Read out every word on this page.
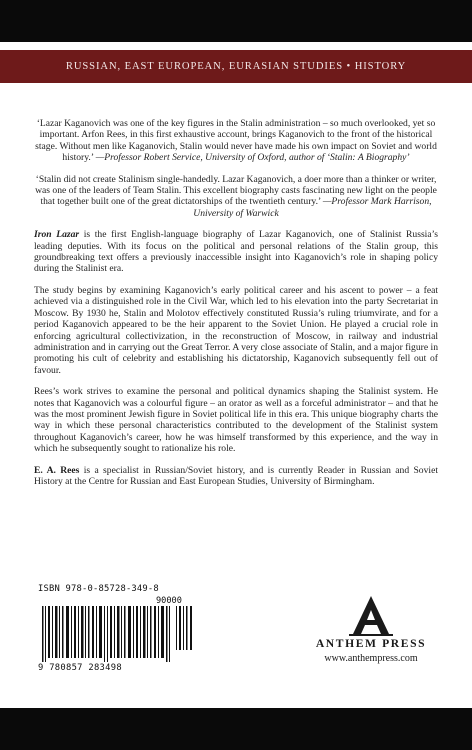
RUSSIAN, EAST EUROPEAN, EURASIAN STUDIES • HISTORY
‘Lazar Kaganovich was one of the key figures in the Stalin administration – so much overlooked, yet so important. Arfon Rees, in this first exhaustive account, brings Kaganovich to the front of the historical stage. Without men like Kaganovich, Stalin would never have made his own impact on Soviet and world history.’ —Professor Robert Service, University of Oxford, author of ‘Stalin: A Biography’
‘Stalin did not create Stalinism single-handedly. Lazar Kaganovich, a doer more than a thinker or writer, was one of the leaders of Team Stalin. This excellent biography casts fascinating new light on the people that together built one of the great dictatorships of the twentieth century.’ —Professor Mark Harrison, University of Warwick
Iron Lazar is the first English-language biography of Lazar Kaganovich, one of Stalinist Russia’s leading deputies. With its focus on the political and personal relations of the Stalin group, this groundbreaking text offers a previously inaccessible insight into Kaganovich’s role in shaping policy during the Stalinist era.
The study begins by examining Kaganovich’s early political career and his ascent to power – a feat achieved via a distinguished role in the Civil War, which led to his elevation into the party Secretariat in Moscow. By 1930 he, Stalin and Molotov effectively constituted Russia’s ruling triumvirate, and for a period Kaganovich appeared to be the heir apparent to the Soviet Union. He played a crucial role in enforcing agricultural collectivization, in the reconstruction of Moscow, in railway and industrial administration and in carrying out the Great Terror. A very close associate of Stalin, and a major figure in promoting his cult of celebrity and establishing his dictatorship, Kaganovich subsequently fell out of favour.
Rees’s work strives to examine the personal and political dynamics shaping the Stalinist system. He notes that Kaganovich was a colourful figure – an orator as well as a forceful administrator – and that he was the most prominent Jewish figure in Soviet political life in this era. This unique biography charts the way in which these personal characteristics contributed to the development of the Stalinist system throughout Kaganovich’s career, how he was himself transformed by this experience, and the way in which he subsequently sought to rationalize his role.
E. A. Rees is a specialist in Russian/Soviet history, and is currently Reader in Russian and Soviet History at the Centre for Russian and East European Studies, University of Birmingham.
ISBN 978-0-85728-349-8
90000
9 780857 283498
ANTHEM PRESS
www.anthempress.com
